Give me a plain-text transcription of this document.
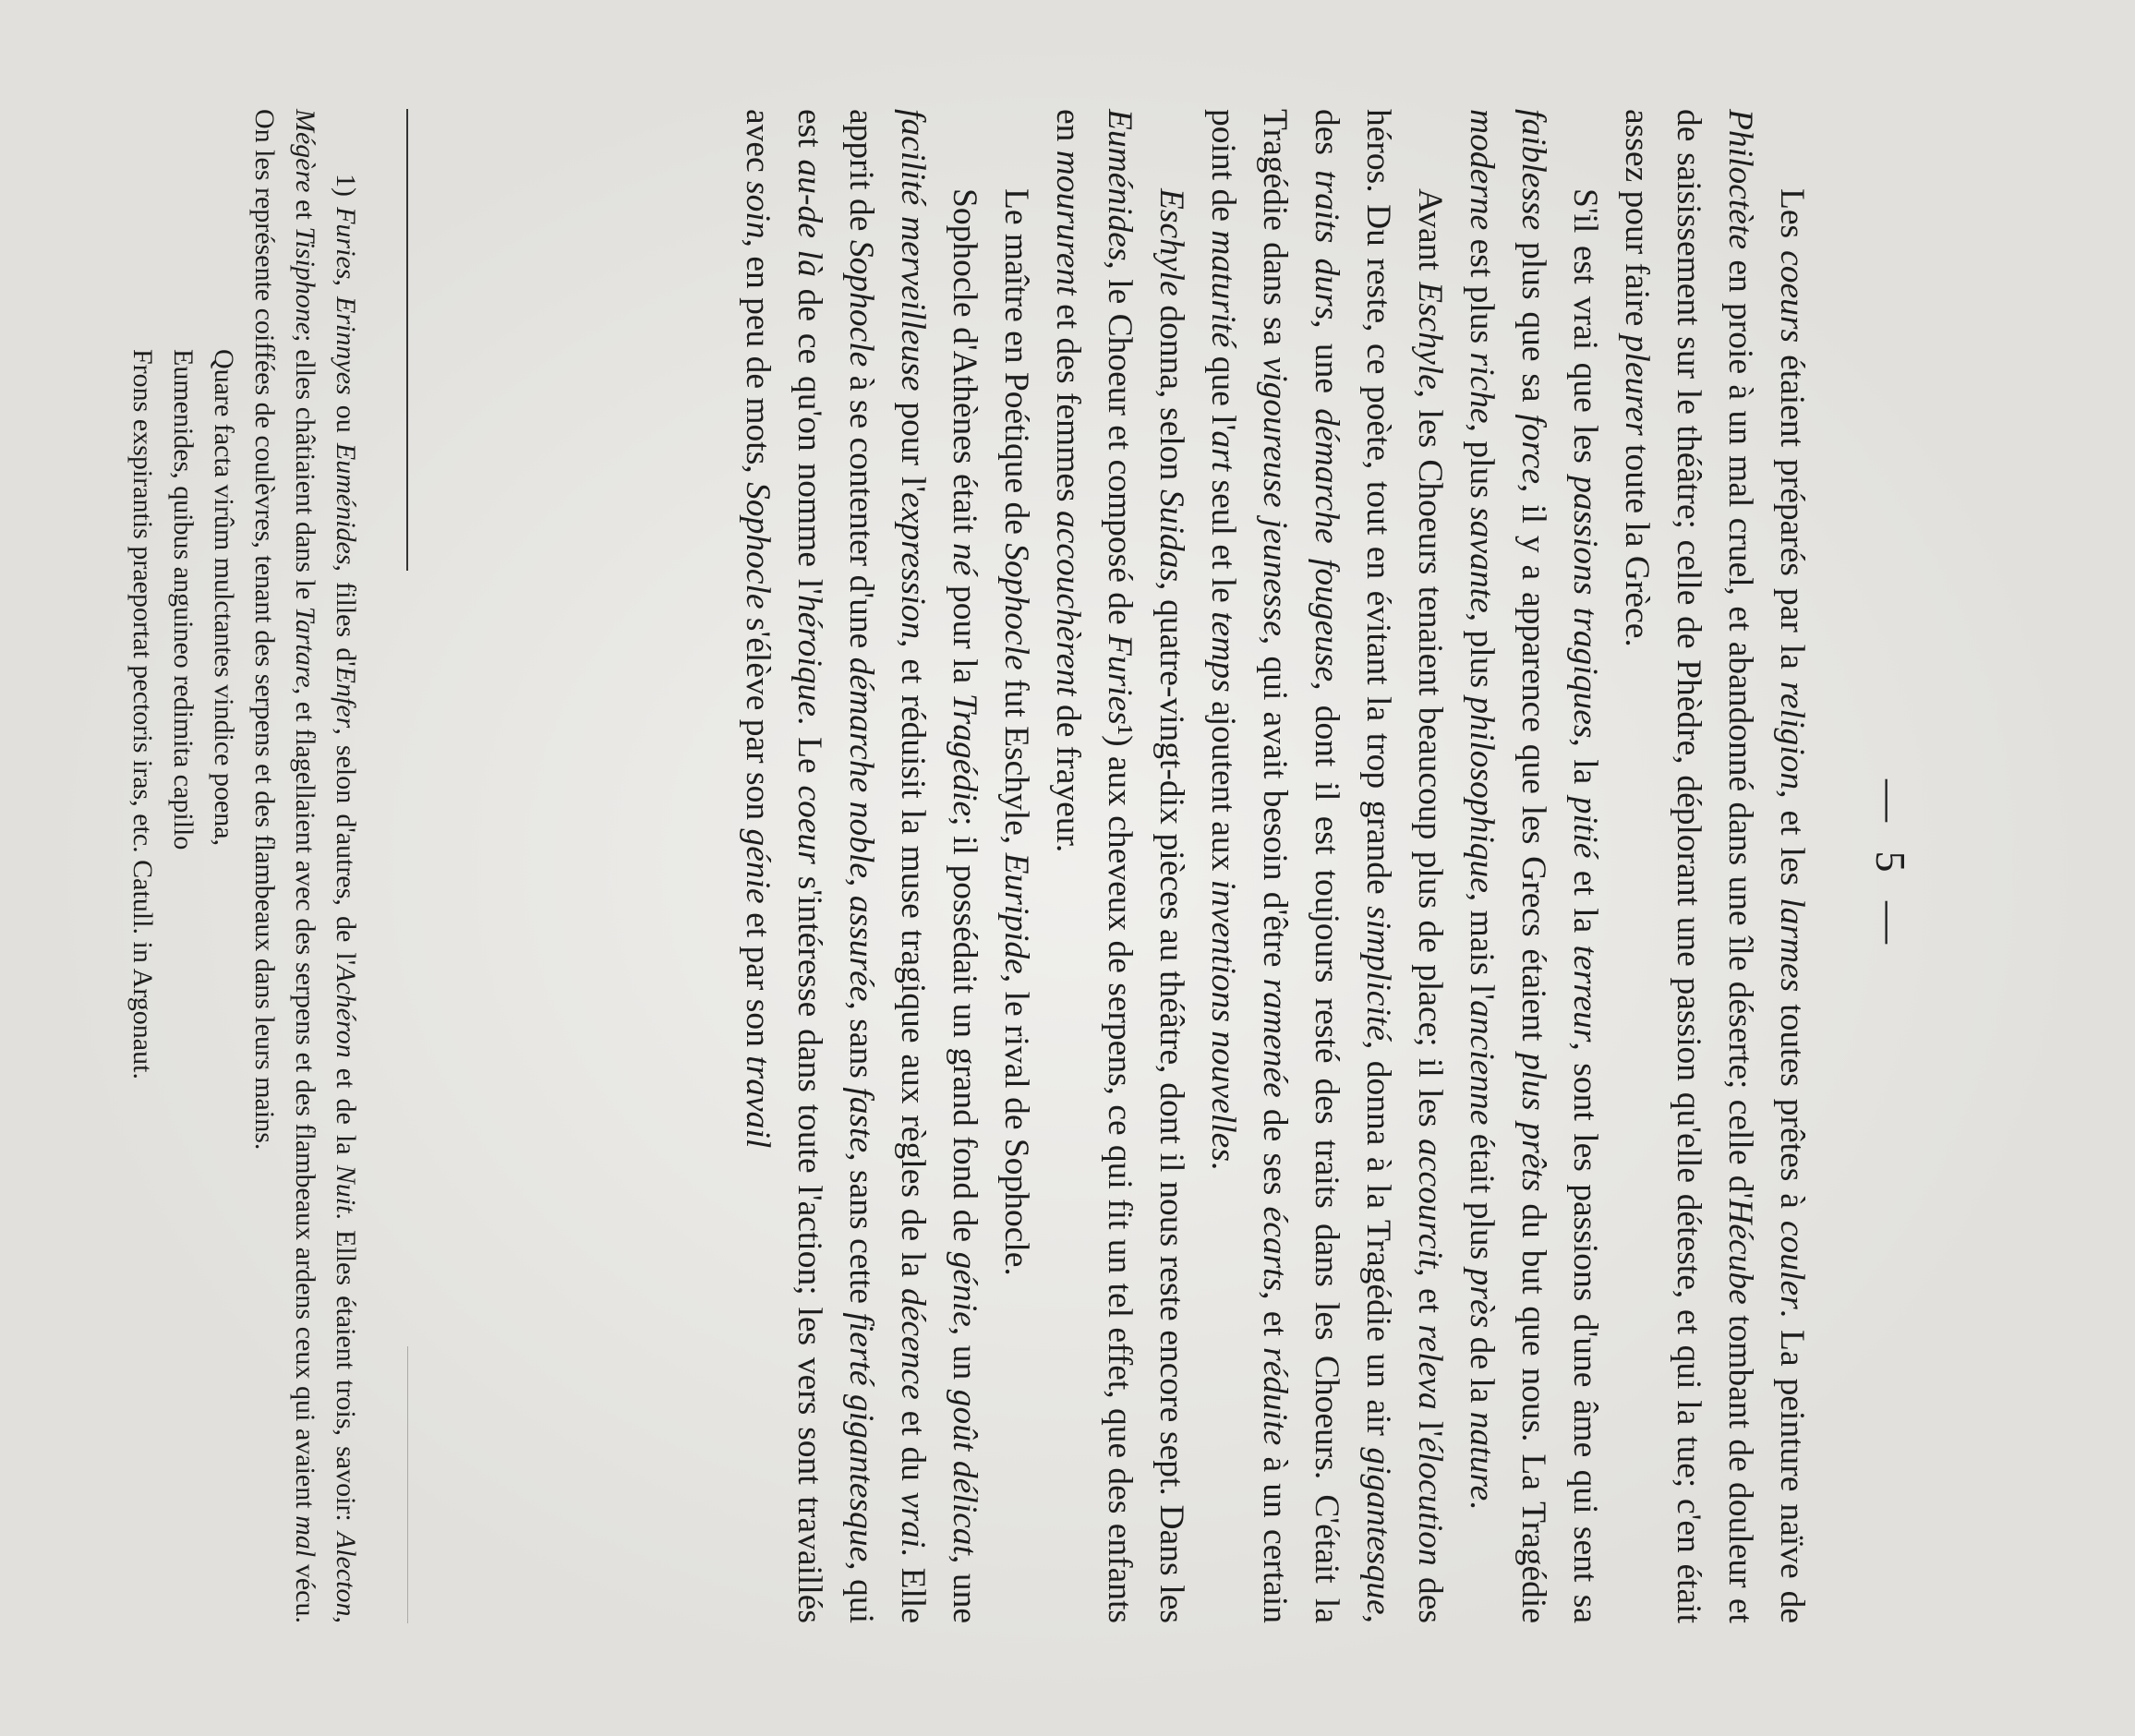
— 5 —

Les coeurs étaient préparés par la religion, et les larmes toutes prêtes à couler. La peinture naïve de Philoctète en proie à un mal cruel, et abandonné dans une île déserte; celle d'Hécube tombant de douleur et de saisissement sur le théâtre; celle de Phèdre, déplorant une passion qu'elle déteste, et qui la tue; c'en était assez pour faire pleurer toute la Grèce.

S'il est vrai que les passions tragiques, la pitié et la terreur, sont les passions d'une âme qui sent sa faiblesse plus que sa force, il y a apparence que les Grecs étaient plus prêts du but que nous. La Tragédie moderne est plus riche, plus savante, plus philosophique, mais l'ancienne était plus près de la nature.

Avant Eschyle, les Choeurs tenaient beaucoup plus de place; il les accourcit, et releva l'élocution des héros. Du reste, ce poète, tout en évitant la trop grande simplicité, donna à la Tragédie un air gigantesque, des traits durs, une démarche fougeuse, dont il est toujours resté des traits dans les Choeurs. C'était la Tragédie dans sa vigoureuse jeunesse, qui avait besoin d'être ramenée de ses écarts, et réduite à un certain point de maturité que l'art seul et le temps ajoutent aux inventions nouvelles.

Eschyle donna, selon Suidas, quatre-vingt-dix pièces au théâtre, dont il nous reste encore sept. Dans les Euménides, le Choeur et composé de Furies¹) aux cheveux de serpens, ce qui fit un tel effet, que des enfants en moururent et des femmes accouchèrent de frayeur.

Le maître en Poétique de Sophocle fut Eschyle, Euripide, le rival de Sophocle.

Sophocle d'Athènes était né pour la Tragédie; il possédait un grand fond de génie, un goût délicat, une facilité merveilleuse pour l'expression, et réduisit la muse tragique aux règles de la décence et du vrai. Elle apprit de Sophocle à se contenter d'une démarche noble, assurée, sans faste, sans cette fierté gigantesque, qui est au-de là de ce qu'on nomme l'héroique. Le coeur s'intéresse dans toute l'action; les vers sont travaillés avec soin, en peu de mots, Sophocle s'élève par son génie et par son travail

1) Furies, Erinnyes ou Euménides, filles d'Enfer, selon d'autres, de l'Achéron et de la Nuit. Elles étaient trois, savoir: Alecton, Mégère et Tisiphone; elles châtiaient dans le Tartare, et flagellaient avec des serpens et des flambeaux ardens ceux qui avaient mal vécu. On les représente coiffées de coulèvres, tenant des serpens et des flambeaux dans leurs mains.

Quare facta virûm mulctantes vindice poena,
Eumenides, quibus anguineo redimita capillo
Frons exspirantis praeportat pectoris iras, etc. Catull. in Argonaut.
